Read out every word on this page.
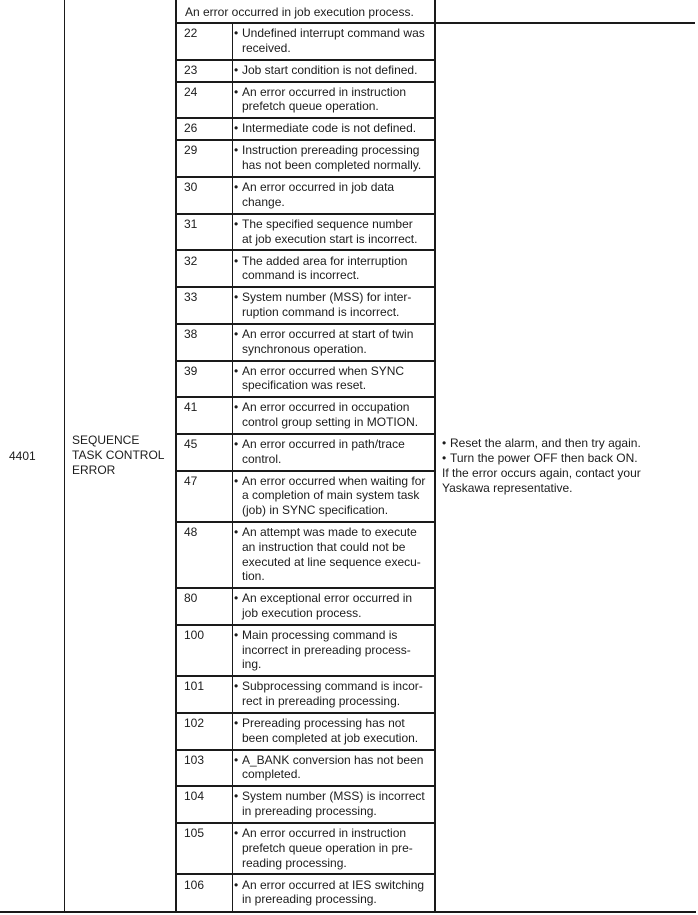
4401
SEQUENCE
TASK CONTROL
ERROR
An error occurred in job execution process.
22	• Undefined interrupt command was
received.
23	• Job start condition is not defined.
24	• An error occurred in instruction
prefetch queue operation.
26	• Intermediate code is not defined.
29	• Instruction prereading processing
has not been completed normally.
30	• An error occurred in job data
change.
31	• The specified sequence number
at job execution start is incorrect.
32	• The added area for interruption
command is incorrect.
33	• System number (MSS) for inter-
ruption command is incorrect.
38	• An error occurred at start of twin
synchronous operation.
39	• An error occurred when SYNC
specification was reset.
41	• An error occurred in occupation
control group setting in MOTION.
45	• An error occurred in path/trace
control.
47	• An error occurred when waiting for
a completion of main system task
(job) in SYNC specification.
48	• An attempt was made to execute
an instruction that could not be
executed at line sequence execu-
tion.
80	• An exceptional error occurred in
job execution process.
100 • Main processing command is
incorrect in prereading process-
ing.
101 • Subprocessing command is incor-
rect in prereading processing.
102 • Prereading processing has not
been completed at job execution.
103 • A_BANK conversion has not been
completed.
104 • System number (MSS) is incorrect
in prereading processing.
105 • An error occurred in instruction
prefetch queue operation in pre-
reading processing.
106 • An error occurred at IES switching
in prereading processing.
• Reset the alarm, and then try again.
• Turn the power OFF then back ON.
If the error occurs again, contact your
Yaskawa representative.
